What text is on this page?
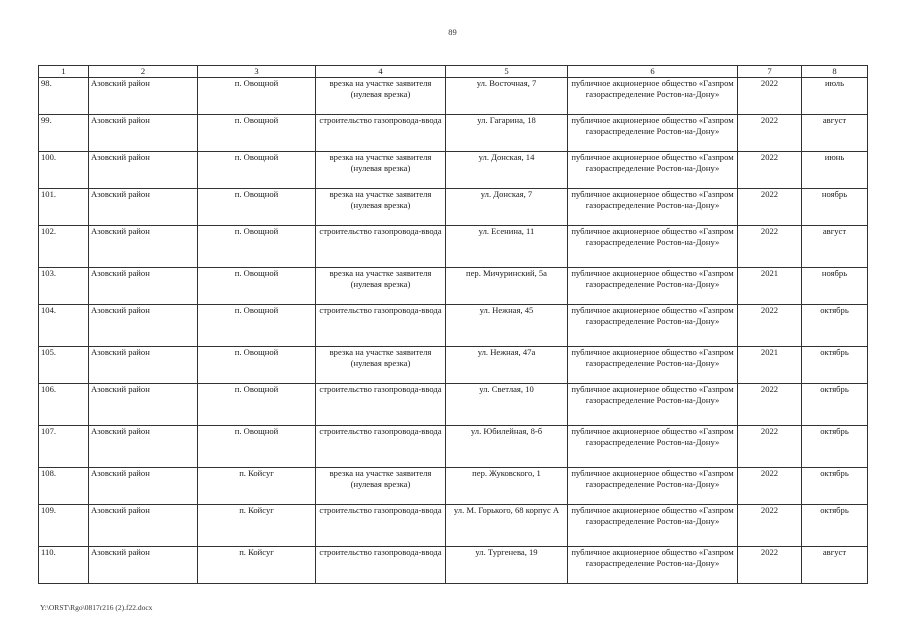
89
1	2	3	4	5	6	7	8
98.	Азовский район	п. Овощной	врезка на участке заявителя (нулевая врезка)	ул. Восточная, 7	публичное акционерное общество «Газпром газораспределение Ростов-на-Дону»	2022	июль
99.	Азовский район	п. Овощной	строительство газопровода-ввода	ул. Гагарина, 18	публичное акционерное общество «Газпром газораспределение Ростов-на-Дону»	2022	август
100.	Азовский район	п. Овощной	врезка на участке заявителя (нулевая врезка)	ул. Донская, 14	публичное акционерное общество «Газпром газораспределение Ростов-на-Дону»	2022	июнь
101.	Азовский район	п. Овощной	врезка на участке заявителя (нулевая врезка)	ул. Донская, 7	публичное акционерное общество «Газпром газораспределение Ростов-на-Дону»	2022	ноябрь
102.	Азовский район	п. Овощной	строительство газопровода-ввода	ул. Есенина, 11	публичное акционерное общество «Газпром газораспределение Ростов-на-Дону»	2022	август
103.	Азовский район	п. Овощной	врезка на участке заявителя (нулевая врезка)	пер. Мичуринский, 5а	публичное акционерное общество «Газпром газораспределение Ростов-на-Дону»	2021	ноябрь
104.	Азовский район	п. Овощной	строительство газопровода-ввода	ул. Нежная, 45	публичное акционерное общество «Газпром газораспределение Ростов-на-Дону»	2022	октябрь
105.	Азовский район	п. Овощной	врезка на участке заявителя (нулевая врезка)	ул. Нежная, 47а	публичное акционерное общество «Газпром газораспределение Ростов-на-Дону»	2021	октябрь
106.	Азовский район	п. Овощной	строительство газопровода-ввода	ул. Светлая, 10	публичное акционерное общество «Газпром газораспределение Ростов-на-Дону»	2022	октябрь
107.	Азовский район	п. Овощной	строительство газопровода-ввода	ул. Юбилейная, 8-б	публичное акционерное общество «Газпром газораспределение Ростов-на-Дону»	2022	октябрь
108.	Азовский район	п. Койсуг	врезка на участке заявителя (нулевая врезка)	пер. Жуковского, 1	публичное акционерное общество «Газпром газораспределение Ростов-на-Дону»	2022	октябрь
109.	Азовский район	п. Койсуг	строительство газопровода-ввода	ул. М. Горького, 68 корпус А	публичное акционерное общество «Газпром газораспределение Ростов-на-Дону»	2022	октябрь
110.	Азовский район	п. Койсуг	строительство газопровода-ввода	ул. Тургенева, 19	публичное акционерное общество «Газпром газораспределение Ростов-на-Дону»	2022	август
Y:\ORST\Rgo\0817r216 (2).f22.docx
